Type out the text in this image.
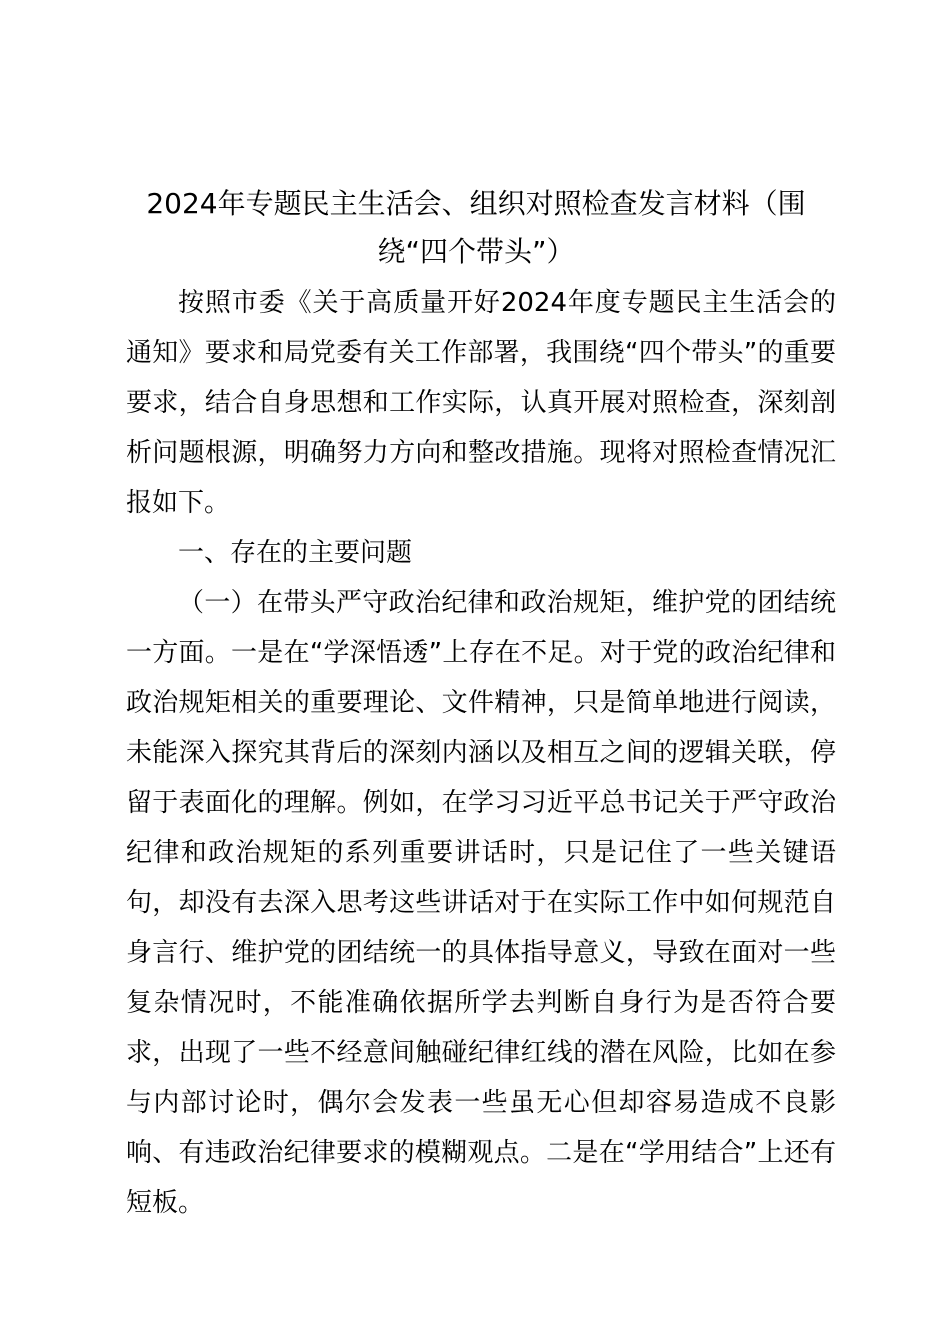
2024年专题民主生活会、组织对照检查发言材料（围绕“四个带头”）

按照市委《关于高质量开好2024年度专题民主生活会的通知》要求和局党委有关工作部署，我围绕“四个带头”的重要要求，结合自身思想和工作实际，认真开展对照检查，深刻剖析问题根源，明确努力方向和整改措施。现将对照检查情况汇报如下。

一、存在的主要问题

（一）在带头严守政治纪律和政治规矩，维护党的团结统一方面。一是在“学深悟透”上存在不足。对于党的政治纪律和政治规矩相关的重要理论、文件精神，只是简单地进行阅读，未能深入探究其背后的深刻内涵以及相互之间的逻辑关联，停留于表面化的理解。例如，在学习习近平总书记关于严守政治纪律和政治规矩的系列重要讲话时，只是记住了一些关键语句，却没有去深入思考这些讲话对于在实际工作中如何规范自身言行、维护党的团结统一的具体指导意义，导致在面对一些复杂情况时，不能准确依据所学去判断自身行为是否符合要求，出现了一些不经意间触碰纪律红线的潜在风险，比如在参与内部讨论时，偶尔会发表一些虽无心但却容易造成不良影响、有违政治纪律要求的模糊观点。二是在“学用结合”上还有短板。
